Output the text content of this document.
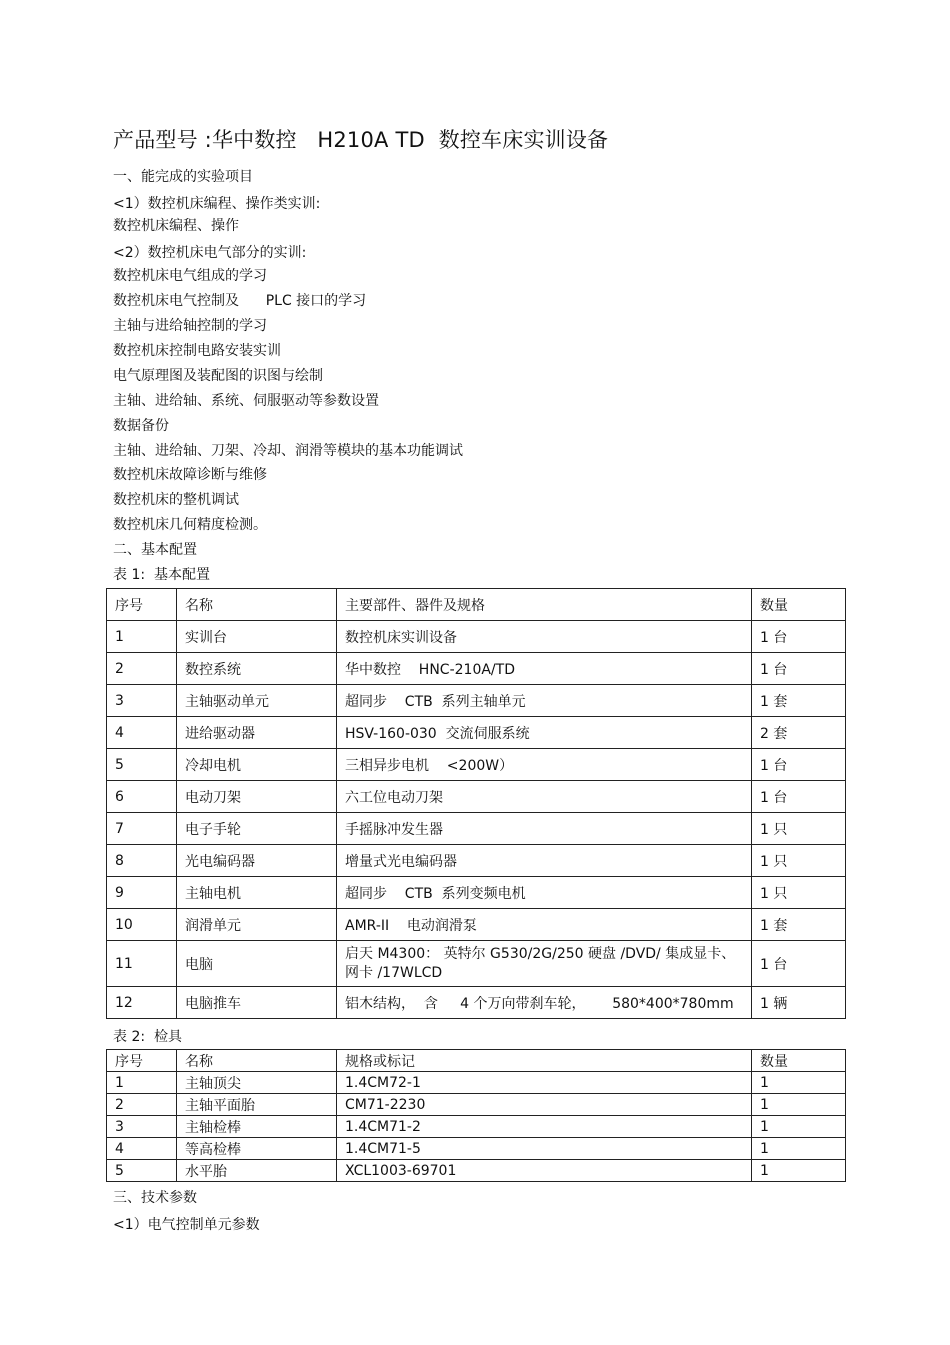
产品型号 :华中数控   H210A TD  数控车床实训设备
一、能完成的实验项目
<1）数控机床编程、操作类实训:
数控机床编程、操作
<2）数控机床电气部分的实训:
数控机床电气组成的学习
数控机床电气控制及      PLC 接口的学习
主轴与进给轴控制的学习
数控机床控制电路安装实训
电气原理图及装配图的识图与绘制
主轴、进给轴、系统、伺服驱动等参数设置
数据备份
主轴、进给轴、刀架、冷却、润滑等模块的基本功能调试
数控机床故障诊断与维修
数控机床的整机调试
数控机床几何精度检测。
二、基本配置
表 1:  基本配置
序号	名称	主要部件、器件及规格	数量
1	实训台	数控机床实训设备	1 台
2	数控系统	华中数控    HNC-210A/TD	1 台
3	主轴驱动单元	超同步    CTB  系列主轴单元	1 套
4	进给驱动器	HSV-160-030  交流伺服系统	2 套
5	冷却电机	三相异步电机    <200W）	1 台
6	电动刀架	六工位电动刀架	1 台
7	电子手轮	手摇脉冲发生器	1 只
8	光电编码器	增量式光电编码器	1 只
9	主轴电机	超同步    CTB  系列变频电机	1 只
10	润滑单元	AMR-II    电动润滑泵	1 套
11	电脑	启天 M4300： 英特尔 G530/2G/250 硬盘 /DVD/ 集成显卡、网卡 /17WLCD	1 台
12	电脑推车	铝木结构，  含     4 个万向带刹车轮，      580*400*780mm	1 辆
表 2:  检具
序号	名称	规格或标记	数量
1	主轴顶尖	1.4CM72-1	1
2	主轴平面胎	CM71-2230	1
3	主轴检棒	1.4CM71-2	1
4	等高检棒	1.4CM71-5	1
5	水平胎	XCL1003-69701	1
三、技术参数
<1）电气控制单元参数
